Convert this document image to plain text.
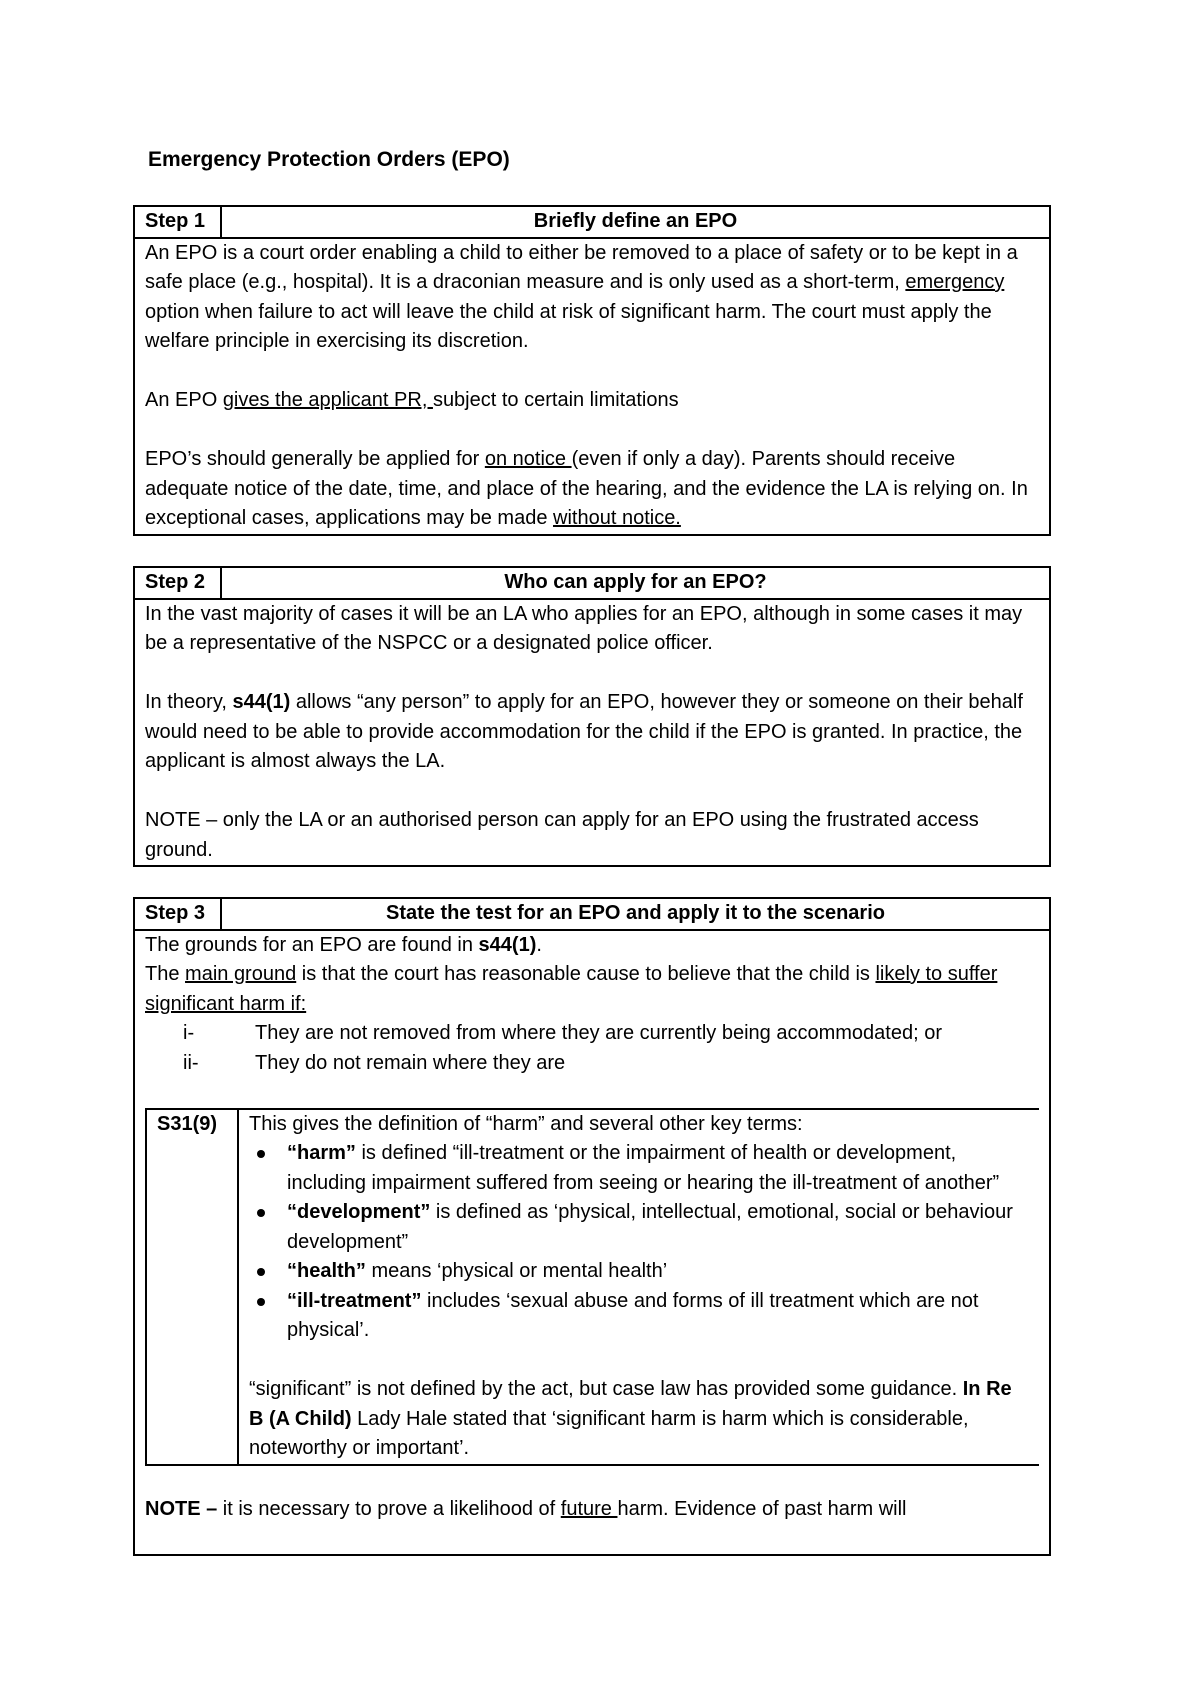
Emergency Protection Orders (EPO)
Step 1	Briefly define an EPO

An EPO is a court order enabling a child to either be removed to a place of safety or to be kept in a safe place (e.g., hospital). It is a draconian measure and is only used as a short-term, emergency option when failure to act will leave the child at risk of significant harm. The court must apply the welfare principle in exercising its discretion.

An EPO gives the applicant PR, subject to certain limitations

EPO’s should generally be applied for on notice (even if only a day). Parents should receive adequate notice of the date, time, and place of the hearing, and the evidence the LA is relying on. In exceptional cases, applications may be made without notice.

Step 2	Who can apply for an EPO?

In the vast majority of cases it will be an LA who applies for an EPO, although in some cases it may be a representative of the NSPCC or a designated police officer.

In theory, s44(1) allows “any person” to apply for an EPO, however they or someone on their behalf would need to be able to provide accommodation for the child if the EPO is granted. In practice, the applicant is almost always the LA.

NOTE – only the LA or an authorised person can apply for an EPO using the frustrated access ground.

Step 3	State the test for an EPO and apply it to the scenario

The grounds for an EPO are found in s44(1).

The main ground is that the court has reasonable cause to believe that the child is likely to suffer significant harm if:

i-	They are not removed from where they are currently being accommodated; or
ii-	They do not remain where they are
S31(9)	This gives the definition of “harm” and several other key terms:

“harm” is defined “ill-treatment or the impairment of health or development, including impairment suffered from seeing or hearing the ill-treatment of another”
“development” is defined as ‘physical, intellectual, emotional, social or behaviour development”
“health” means ‘physical or mental health’
“ill-treatment” includes ‘sexual abuse and forms of ill treatment which are not physical’.

“significant” is not defined by the act, but case law has provided some guidance. In Re B (A Child) Lady Hale stated that ‘significant harm is harm which is considerable, noteworthy or important’.

NOTE – it is necessary to prove a likelihood of future harm. Evidence of past harm will
